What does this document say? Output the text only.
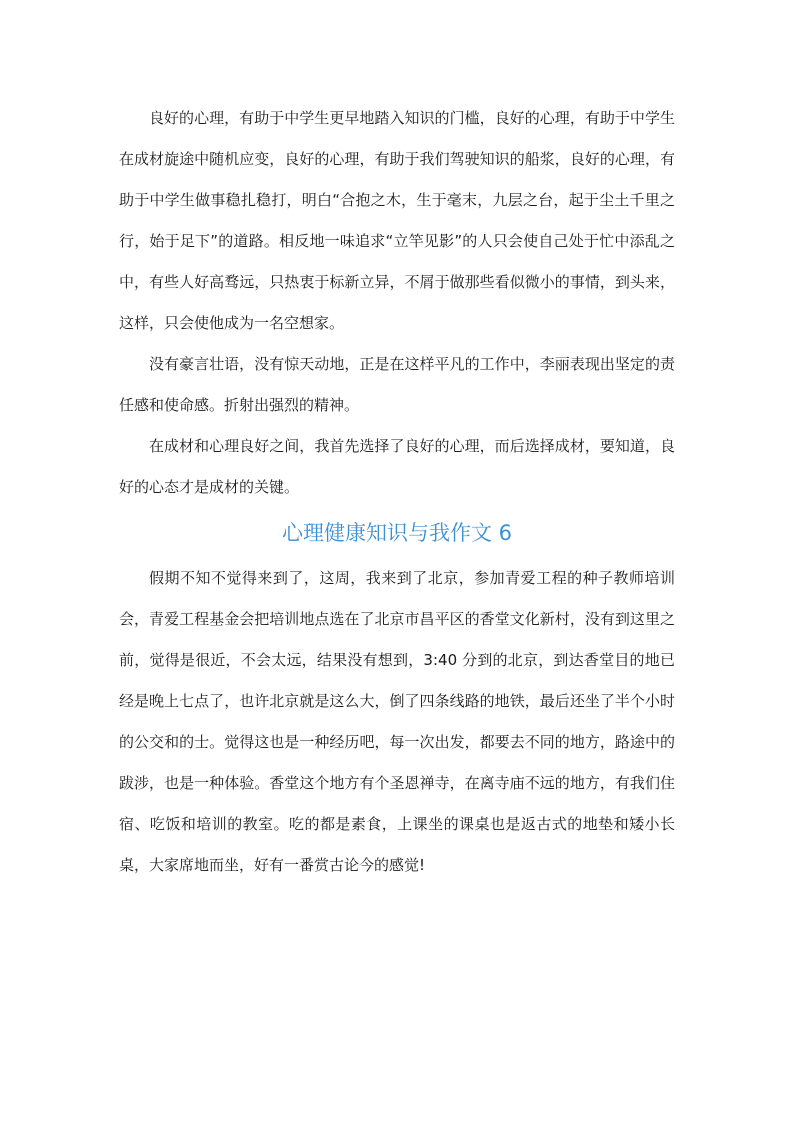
良好的心理，有助于中学生更早地踏入知识的门槛，良好的心理，有助于中学生在成材旋途中随机应变，良好的心理，有助于我们驾驶知识的船浆，良好的心理，有助于中学生做事稳扎稳打，明白“合抱之木，生于毫末，九层之台，起于尘土千里之行，始于足下”的道路。相反地一味追求“立竿见影”的人只会使自己处于忙中添乱之中，有些人好高骛远，只热衷于标新立异，不屑于做那些看似微小的事情，到头来，这样，只会使他成为一名空想家。

没有豪言壮语，没有惊天动地，正是在这样平凡的工作中，李丽表现出坚定的责任感和使命感。折射出强烈的精神。

在成材和心理良好之间，我首先选择了良好的心理，而后选择成材，要知道，良好的心态才是成材的关键。

心理健康知识与我作文 6

假期不知不觉得来到了，这周，我来到了北京，参加青爱工程的种子教师培训会，青爱工程基金会把培训地点选在了北京市昌平区的香堂文化新村，没有到这里之前，觉得是很近，不会太远，结果没有想到，3:40 分到的北京，到达香堂目的地已经是晚上七点了，也许北京就是这么大，倒了四条线路的地铁，最后还坐了半个小时的公交和的士。觉得这也是一种经历吧，每一次出发，都要去不同的地方，路途中的跋涉，也是一种体验。香堂这个地方有个圣恩禅寺，在离寺庙不远的地方，有我们住宿、吃饭和培训的教室。吃的都是素食，上课坐的课桌也是返古式的地垫和矮小长桌，大家席地而坐，好有一番赏古论今的感觉!
